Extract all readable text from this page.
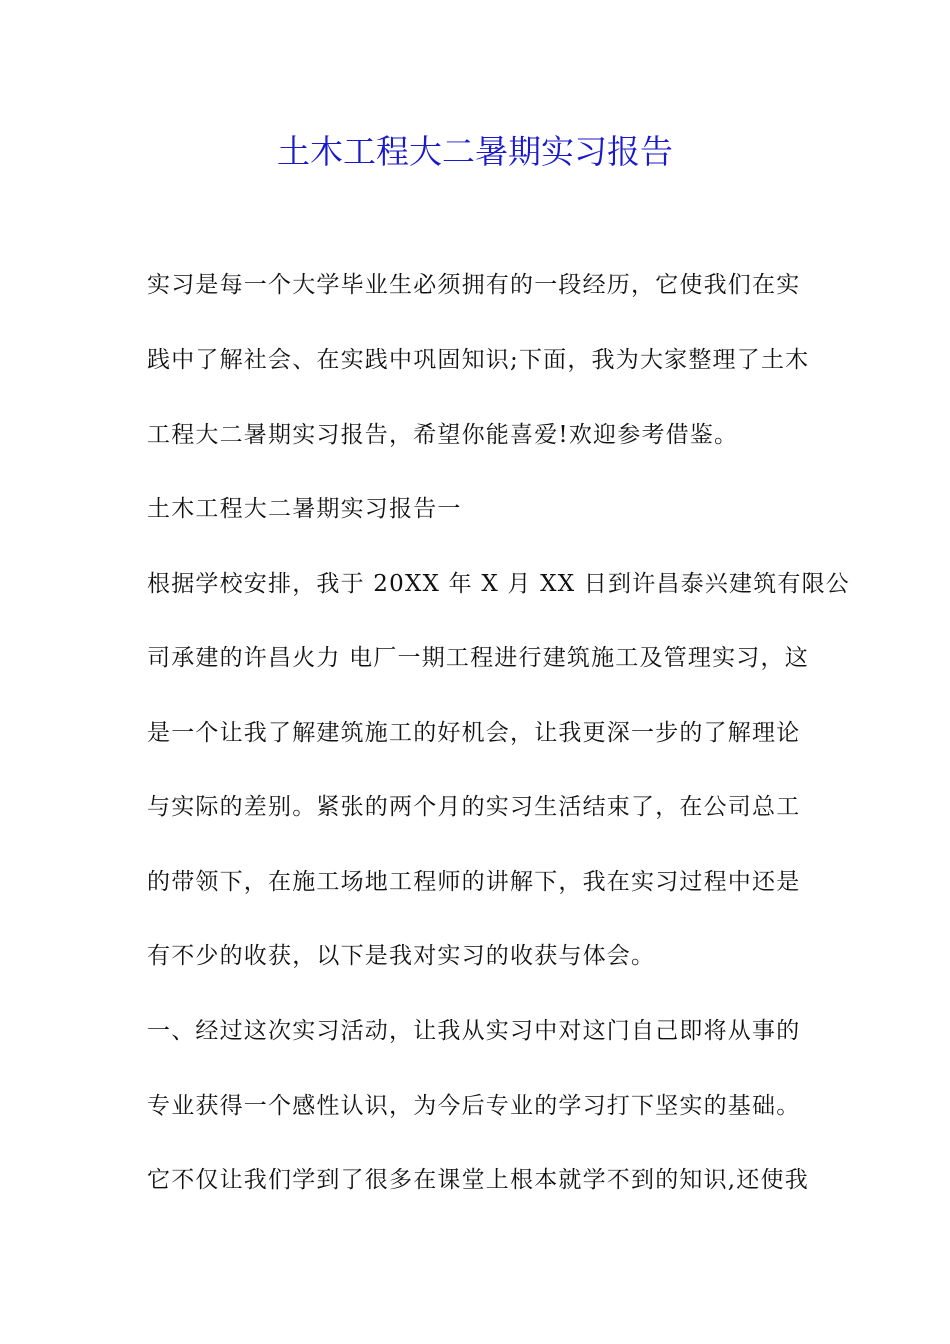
土木工程大二暑期实习报告
实习是每一个大学毕业生必须拥有的一段经历，它使我们在实
践中了解社会、在实践中巩固知识;下面，我为大家整理了土木
工程大二暑期实习报告，希望你能喜爱!欢迎参考借鉴。
土木工程大二暑期实习报告一
根据学校安排，我于 20XX 年 X 月 XX 日到许昌泰兴建筑有限公
司承建的许昌火力 电厂一期工程进行建筑施工及管理实习，这
是一个让我了解建筑施工的好机会，让我更深一步的了解理论
与实际的差别。紧张的两个月的实习生活结束了，在公司总工
的带领下，在施工场地工程师的讲解下，我在实习过程中还是
有不少的收获，以下是我对实习的收获与体会。
一、经过这次实习活动，让我从实习中对这门自己即将从事的
专业获得一个感性认识，为今后专业的学习打下坚实的基础。
它不仅让我们学到了很多在课堂上根本就学不到的知识,还使我
